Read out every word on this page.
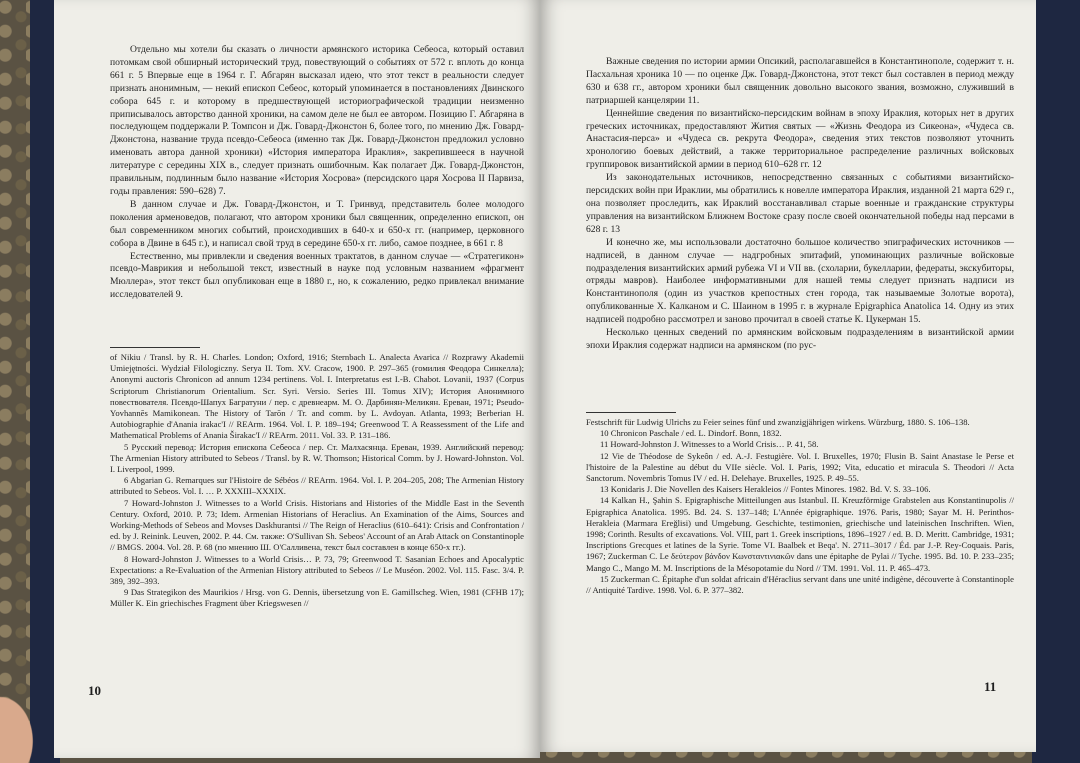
Отдельно мы хотели бы сказать о личности армянского историка Себеоса, который оставил потомкам свой обширный исторический труд, повествующий о событиях от 572 г. вплоть до конца 661 г. 5 Впервые еще в 1964 г. Г. Абгарян высказал идею, что этот текст в реальности следует признать анонимным, — некий епископ Себеос, который упоминается в постановлениях Двинского собора 645 г. и которому в предшествующей историографической традиции неизменно приписывалось авторство данной хроники, на самом деле не был ее автором. Позицию Г. Абгаряна в последующем поддержали Р. Томпсон и Дж. Говард-Джонстон 6, более того, по мнению Дж. Говард-Джонстона, название труда псевдо-Себеоса (именно так Дж. Говард-Джонстон предложил условно именовать автора данной хроники) «История императора Ираклия», закрепившееся в научной литературе с середины XIX в., следует признать ошибочным. Как полагает Дж. Говард-Джонстон, правильным, подлинным было название «История Хосрова» (персидского царя Хосрова II Парвиза, годы правления: 590–628) 7.

В данном случае и Дж. Говард-Джонстон, и Т. Гринвуд, представитель более молодого поколения арменоведов, полагают, что автором хроники был священник, определенно епископ, он был современником многих событий, происходивших в 640-х и 650-х гг. (например, церковного собора в Двине в 645 г.), и написал свой труд в середине 650-х гг. либо, самое позднее, в 661 г. 8

Естественно, мы привлекли и сведения военных трактатов, в данном случае — «Стратегикон» псевдо-Маврикия и небольшой текст, известный в науке под условным названием «фрагмент Мюллера», этот текст был опубликован еще в 1880 г., но, к сожалению, редко привлекал внимание исследователей 9.

of Nikiu / Transl. by R. H. Charles. London; Oxford, 1916; Sternbach L. Analecta Avarica // Rozprawy Akademii Umiejętności. Wydział Filologiczny. Serya II. Tom. XV. Cracow, 1900. P. 297–365 (гомилия Феодора Синкелла); Anonymi auctoris Chronicon ad annum 1234 pertinens. Vol. I. Interpretatus est I.-B. Chabot. Lovanii, 1937 (Corpus Scriptorum Christianorum Orientalium. Scr. Syri. Versio. Series III. Tomus XIV); История Анонимного повествователя. Псевдо-Шапух Багратуни / пер. с древнеарм. М. О. Дарбинян-Меликян. Ереван, 1971; Pseudo-Yovhannēs Mamikonean. The History of Tarōn / Tr. and comm. by L. Avdoyan. Atlanta, 1993; Berberian H. Autobiographie d'Anania irakac'I // REArm. 1964. Vol. I. P. 189–194; Greenwood T. A Reassessment of the Life and Mathematical Problems of Anania Širakac'I // REArm. 2011. Vol. 33. P. 131–186.

5 Русский перевод: История епископа Себеоса / пер. Ст. Малхасянца. Ереван, 1939. Английский перевод: The Armenian History attributed to Sebeos / Transl. by R. W. Thomson; Historical Comm. by J. Howard-Johnston. Vol. I. Liverpool, 1999.

6 Abgarian G. Remarques sur l'Histoire de Sébéos // REArm. 1964. Vol. I. P. 204–205, 208; The Armenian History attributed to Sebeos. Vol. I. … P. XXXIII–XXXIX.

7 Howard-Johnston J. Witnesses to a World Crisis. Historians and Histories of the Middle East in the Seventh Century. Oxford, 2010. P. 73; Idem. Armenian Historians of Heraclius. An Examination of the Aims, Sources and Working-Methods of Sebeos and Movses Daskhurantsi // The Reign of Heraclius (610–641): Crisis and Confrontation / ed. by J. Reinink. Leuven, 2002. P. 44. См. также: O'Sullivan Sh. Sebeos' Account of an Arab Attack on Constantinople // BMGS. 2004. Vol. 28. P. 68 (по мнению Ш. О'Салливена, текст был составлен в конце 650-х гг.).

8 Howard-Johnston J. Witnesses to a World Crisis… P. 73, 79; Greenwood T. Sasanian Echoes and Apocalyptic Expectations: a Re-Evaluation of the Armenian History attributed to Sebeos // Le Muséon. 2002. Vol. 115. Fasc. 3/4. P. 389, 392–393.

9 Das Strategikon des Maurikios / Hrsg. von G. Dennis, übersetzung von E. Gamillscheg. Wien, 1981 (CFHB 17); Müller K. Ein griechisches Fragment über Kriegswesen //

10

Важные сведения по истории армии Опсикий, располагавшейся в Константинополе, содержит т. н. Пасхальная хроника 10 — по оценке Дж. Говард-Джонстона, этот текст был составлен в период между 630 и 638 гг., автором хроники был священник довольно высокого звания, возможно, служивший в патриаршей канцелярии 11.

Ценнейшие сведения по византийско-персидским войнам в эпоху Ираклия, которых нет в других греческих источниках, предоставляют Жития святых — «Жизнь Феодора из Сикеона», «Чудеса св. Анастасия-перса» и «Чудеса св. рекрута Феодора», сведения этих текстов позволяют уточнить хронологию боевых действий, а также территориальное распределение различных войсковых группировок византийской армии в период 610–628 гг. 12

Из законодательных источников, непосредственно связанных с событиями византийско-персидских войн при Ираклии, мы обратились к новелле императора Ираклия, изданной 21 марта 629 г., она позволяет проследить, как Ираклий восстанавливал старые военные и гражданские структуры управления на византийском Ближнем Востоке сразу после своей окончательной победы над персами в 628 г. 13

И конечно же, мы использовали достаточно большое количество эпиграфических источников — надписей, в данном случае — надгробных эпитафий, упоминающих различные войсковые подразделения византийских армий рубежа VI и VII вв. (схоларии, букелларии, федераты, экскубиторы, отряды мавров). Наиболее информативными для нашей темы следует признать надписи из Константинополя (один из участков крепостных стен города, так называемые Золотые ворота), опубликованные Х. Калканом и С. Шаином в 1995 г. в журнале Epigraphica Anatolica 14. Одну из этих надписей подробно рассмотрел и заново прочитал в своей статье К. Цукерман 15.

Несколько ценных сведений по армянским войсковым подразделениям в византийской армии эпохи Ираклия содержат надписи на армянском (по рус-

Festschrift für Ludwig Ulrichs zu Feier seines fünf und zwanzigjährigen wirkens. Würzburg, 1880. S. 106–138.

10 Chronicon Paschale / ed. L. Dindorf. Bonn, 1832.

11 Howard-Johnston J. Witnesses to a World Crisis… P. 41, 58.

12 Vie de Théodose de Sykeôn / ed. A.-J. Festugière. Vol. I. Bruxelles, 1970; Flusin B. Saint Anastase le Perse et l'histoire de la Palestine au début du VIIe siècle. Vol. I. Paris, 1992; Vita, educatio et miracula S. Theodori // Acta Sanctorum. Novembris Tomus IV / ed. H. Delehaye. Bruxelles, 1925. P. 49–55.

13 Konidaris J. Die Novellen des Kaisers Herakleios // Fontes Minores. 1982. Bd. V. S. 33–106.

14 Kalkan H., Şahin S. Epigraphische Mitteilungen aus Istanbul. II. Kreuzförmige Grabstelen aus Konstantinupolis // Epigraphica Anatolica. 1995. Bd. 24. S. 137–148; L'Année épigraphique. 1976. Paris, 1980; Sayar M. H. Perinthos-Herakleia (Marmara Ereğlisi) und Umgebung. Geschichte, testimonien, griechische und lateinischen Inschriften. Wien, 1998; Corinth. Results of excavations. Vol. VIII, part 1. Greek inscriptions, 1896–1927 / ed. B. D. Meritt. Cambridge, 1931; Inscriptions Grecques et latines de la Syrie. Tome VI. Baalbek et Beqa'. N. 2711–3017 / Éd. par J.-P. Rey-Coquais. Paris, 1967; Zuckerman C. Le δεύτερον βάνδον Κωνσταντινιακῶν dans une épitaphe de Pylai // Tyche. 1995. Bd. 10. P. 233–235; Mango C., Mango M. M. Inscriptions de la Mésopotamie du Nord // TM. 1991. Vol. 11. P. 465–473.

15 Zuckerman C. Épitaphe d'un soldat africain d'Héraclius servant dans une unité indigène, découverte à Constantinople // Antiquité Tardive. 1998. Vol. 6. P. 377–382.

11
